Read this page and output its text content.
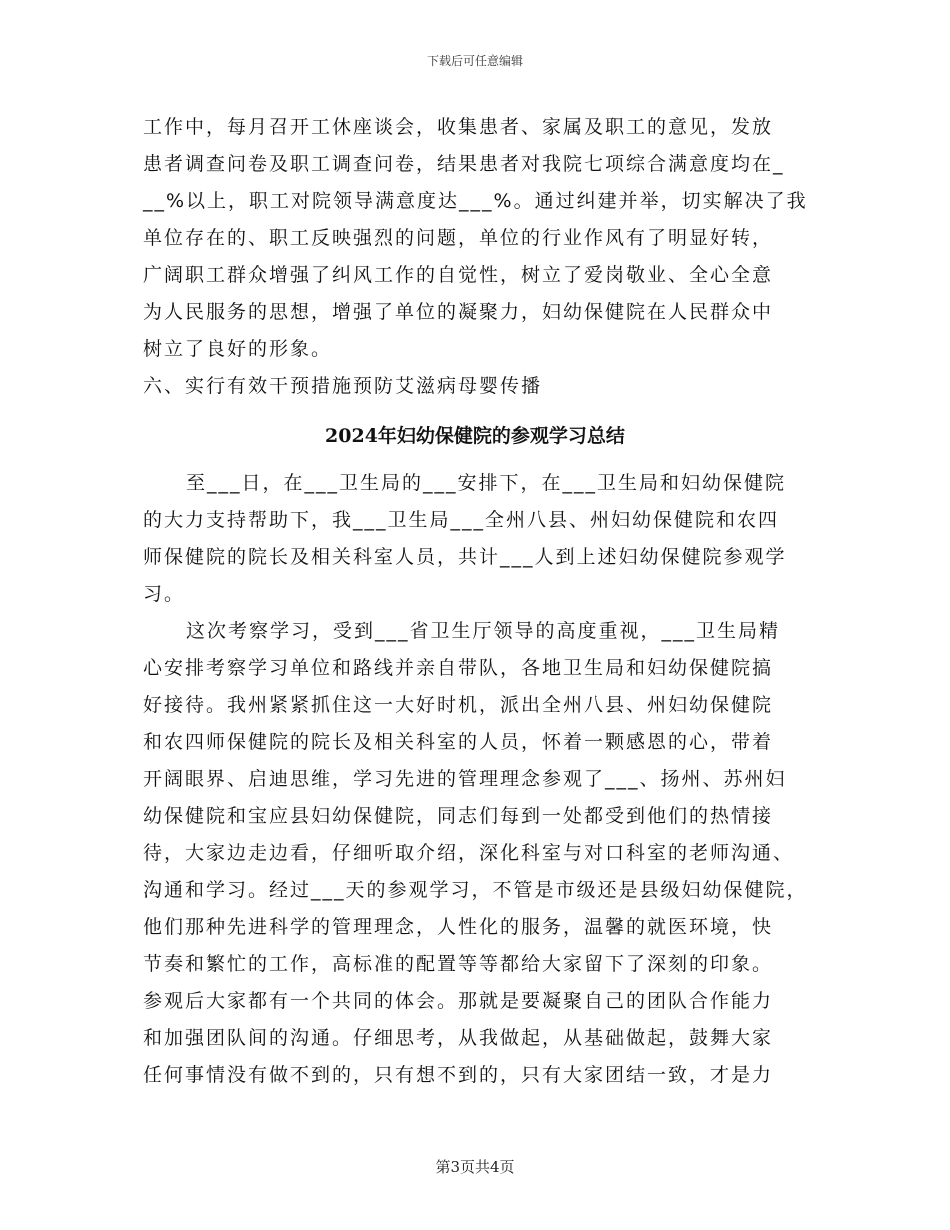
下载后可任意编辑
工作中，每月召开工休座谈会，收集患者、家属及职工的意见，发放
患者调查问卷及职工调查问卷，结果患者对我院七项综合满意度均在_
__%以上，职工对院领导满意度达___%。通过纠建并举，切实解决了我
单位存在的、职工反映强烈的问题，单位的行业作风有了明显好转，
广阔职工群众增强了纠风工作的自觉性，树立了爱岗敬业、全心全意
为人民服务的思想，增强了单位的凝聚力，妇幼保健院在人民群众中
树立了良好的形象。
六、实行有效干预措施预防艾滋病母婴传播
2024年妇幼保健院的参观学习总结
至___日，在___卫生局的___安排下，在___卫生局和妇幼保健院
的大力支持帮助下，我___卫生局___全州八县、州妇幼保健院和农四
师保健院的院长及相关科室人员，共计___人到上述妇幼保健院参观学
习。
这次考察学习，受到___省卫生厅领导的高度重视，___卫生局精
心安排考察学习单位和路线并亲自带队，各地卫生局和妇幼保健院搞
好接待。我州紧紧抓住这一大好时机，派出全州八县、州妇幼保健院
和农四师保健院的院长及相关科室的人员，怀着一颗感恩的心，带着
开阔眼界、启迪思维，学习先进的管理理念参观了___、扬州、苏州妇
幼保健院和宝应县妇幼保健院，同志们每到一处都受到他们的热情接
待，大家边走边看，仔细听取介绍，深化科室与对口科室的老师沟通、
沟通和学习。经过___天的参观学习，不管是市级还是县级妇幼保健院，
他们那种先进科学的管理理念，人性化的服务，温馨的就医环境，快
节奏和繁忙的工作，高标准的配置等等都给大家留下了深刻的印象。
参观后大家都有一个共同的体会。那就是要凝聚自己的团队合作能力
和加强团队间的沟通。仔细思考，从我做起，从基础做起，鼓舞大家
任何事情没有做不到的，只有想不到的，只有大家团结一致，才是力
第3页共4页
